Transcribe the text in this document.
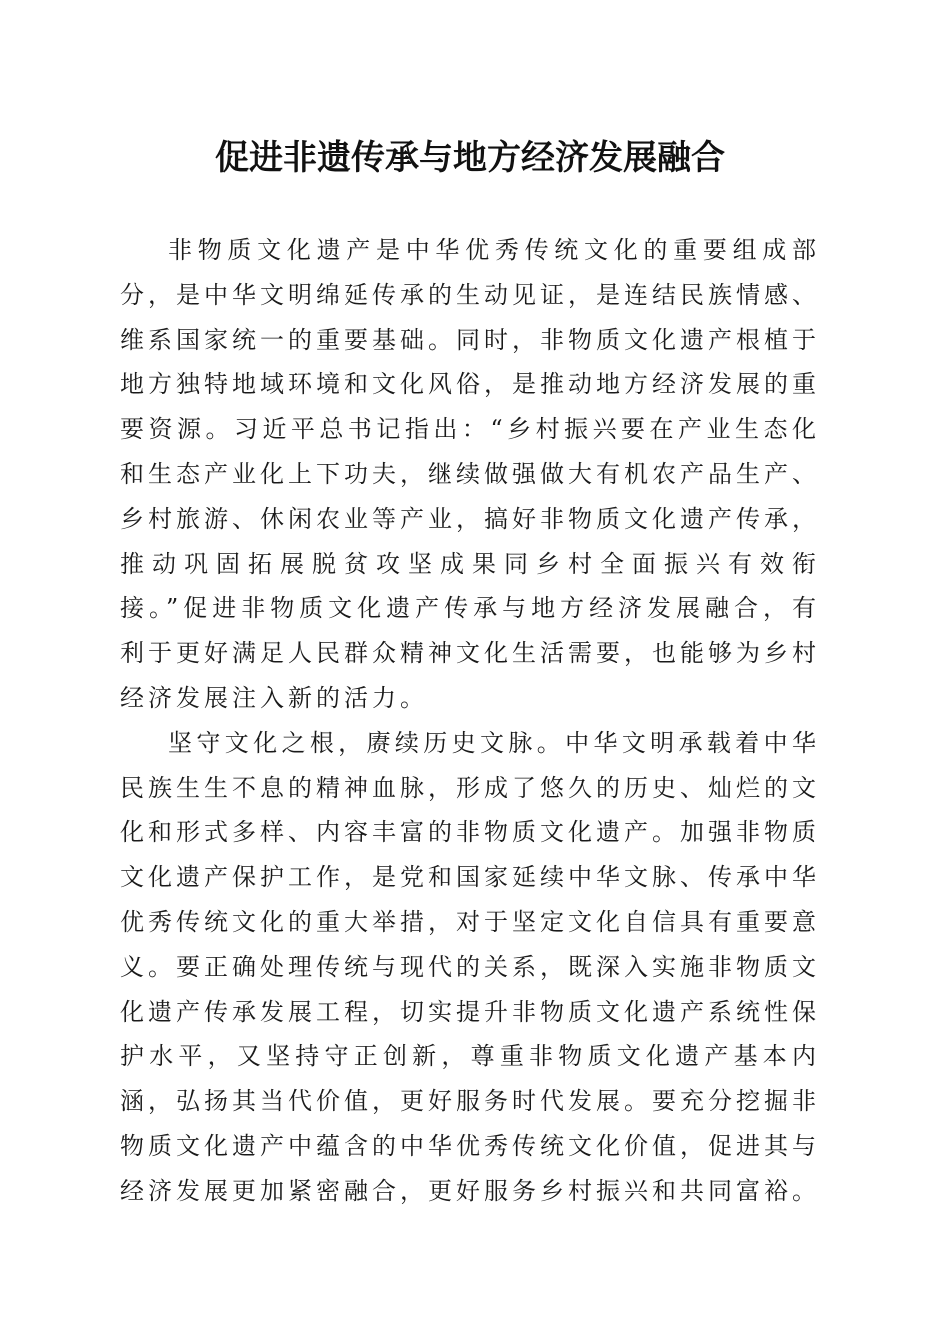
促进非遗传承与地方经济发展融合

非物质文化遗产是中华优秀传统文化的重要组成部分，是中华文明绵延传承的生动见证，是连结民族情感、维系国家统一的重要基础。同时，非物质文化遗产根植于地方独特地域环境和文化风俗，是推动地方经济发展的重要资源。习近平总书记指出：“乡村振兴要在产业生态化和生态产业化上下功夫，继续做强做大有机农产品生产、乡村旅游、休闲农业等产业，搞好非物质文化遗产传承，推动巩固拓展脱贫攻坚成果同乡村全面振兴有效衔接。”促进非物质文化遗产传承与地方经济发展融合，有利于更好满足人民群众精神文化生活需要，也能够为乡村经济发展注入新的活力。

坚守文化之根，赓续历史文脉。中华文明承载着中华民族生生不息的精神血脉，形成了悠久的历史、灿烂的文化和形式多样、内容丰富的非物质文化遗产。加强非物质文化遗产保护工作，是党和国家延续中华文脉、传承中华优秀传统文化的重大举措，对于坚定文化自信具有重要意义。要正确处理传统与现代的关系，既深入实施非物质文化遗产传承发展工程，切实提升非物质文化遗产系统性保护水平，又坚持守正创新，尊重非物质文化遗产基本内涵，弘扬其当代价值，更好服务时代发展。要充分挖掘非物质文化遗产中蕴含的中华优秀传统文化价值，促进其与经济发展更加紧密融合，更好服务乡村振兴和共同富裕。
